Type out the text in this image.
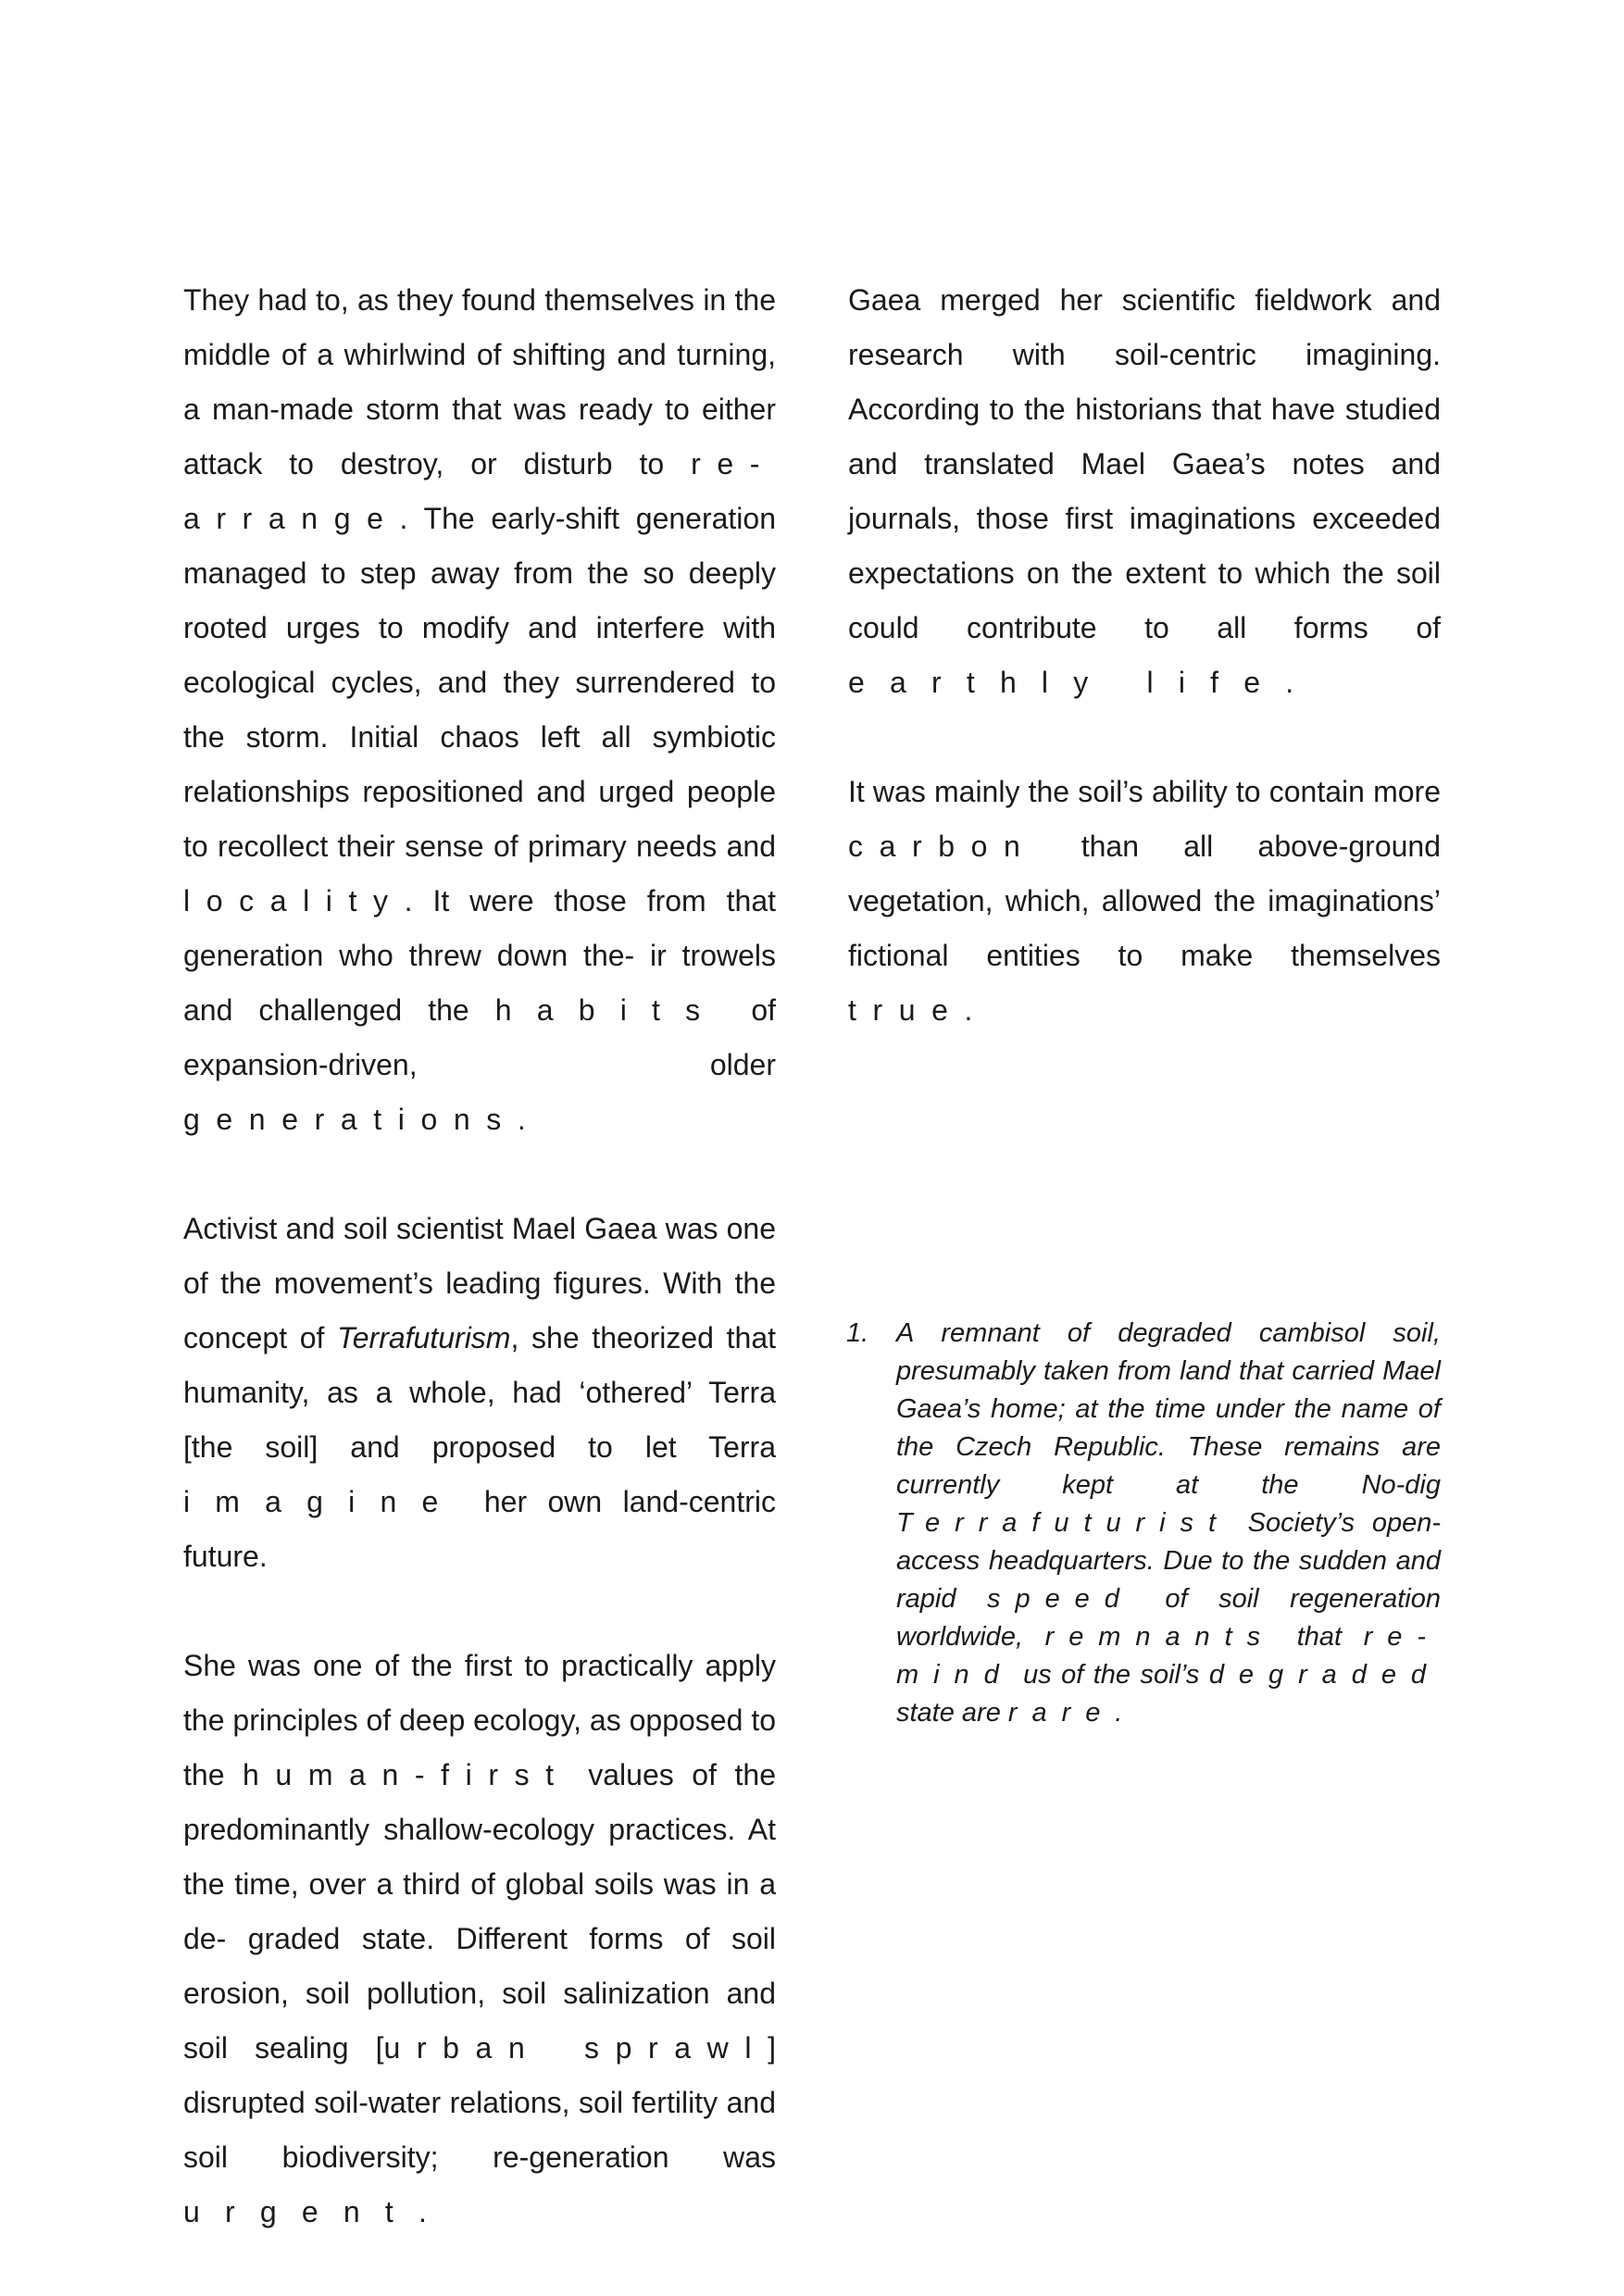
They had to, as they found themselves in the middle of a whirlwind of shifting and turning, a man-made storm that was ready to either attack to destroy, or disturb to re-arrange. The early-shift generation managed to step away from the so deeply rooted urges to modify and interfere with ecological cycles, and they surrendered to the storm. Initial chaos left all symbiotic relationships repositioned and urged people to recollect their sense of primary needs and locality. It were those from that generation who threw down the- ir trowels and challenged the habits of expansion-driven, older generations.

Activist and soil scientist Mael Gaea was one of the movement’s leading figures. With the concept of Terrafuturism, she theorized that humanity, as a whole, had ‘othered’ Terra [the soil] and proposed to let Terra imagine her own land-centric future.

She was one of the first to practically apply the principles of deep ecology, as opposed to the human-first values of the predominantly shallow-ecology practices. At the time, over a third of global soils was in a de- graded state. Different forms of soil erosion, soil pollution, soil salinization and soil sealing [urban sprawl] disrupted soil-water relations, soil fertility and soil biodiversity; re-generation was urgent.

Gaea merged her scientific fieldwork and research with soil-centric imagining. According to the historians that have studied and translated Mael Gaea’s notes and journals, those first imaginations exceeded expectations on the extent to which the soil could contribute to all forms of earthly life.

It was mainly the soil’s ability to contain more carbon than all above-ground vegetation, which, allowed the imaginations’ fictional entities to make themselves true.

1. A remnant of degraded cambisol soil, presumably taken from land that carried Mael Gaea’s home; at the time under the name of the Czech Republic. These remains are currently kept at the No-dig Terrafuturist Society’s open-access headquarters. Due to the sudden and rapid speed of soil regeneration worldwide, remnants that re-mind us of the soil’s degraded state are rare.
